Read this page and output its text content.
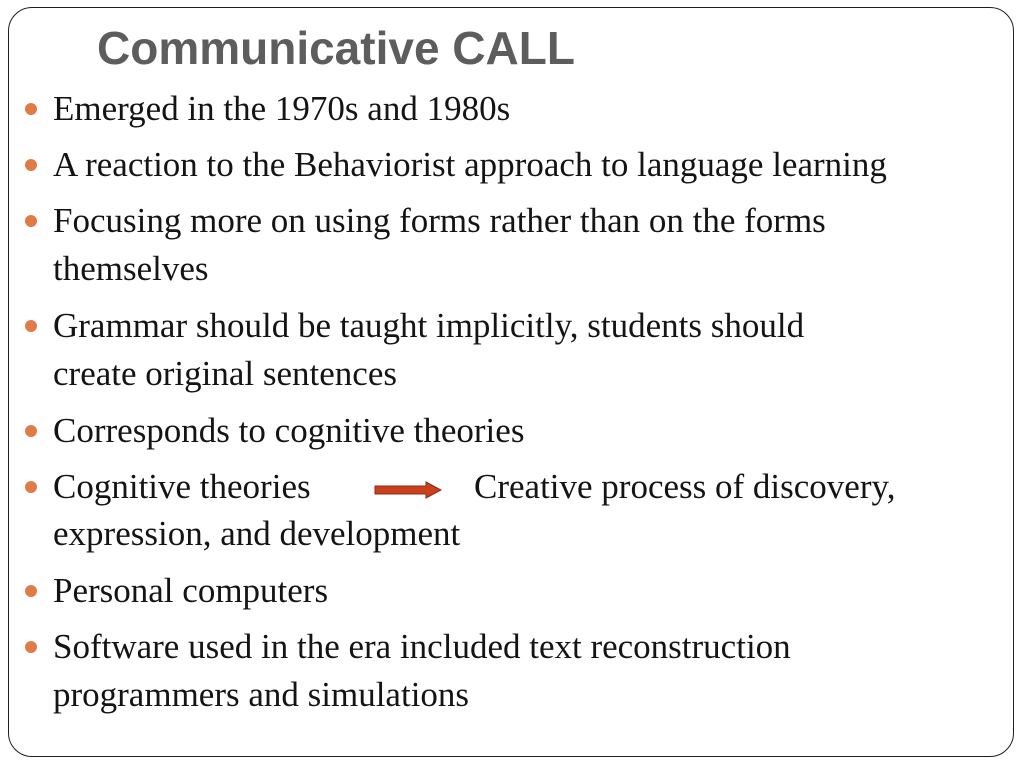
Communicative CALL

Emerged in the 1970s and 1980s

A reaction to the Behaviorist approach to language learning

Focusing more on using forms rather than on the forms

themselves

Grammar should be taught implicitly, students should

create original sentences

Corresponds to cognitive theories

Cognitive theories	Creative process of discovery,

expression, and development

Personal computers

Software used in the era included text reconstruction

programmers and simulations
